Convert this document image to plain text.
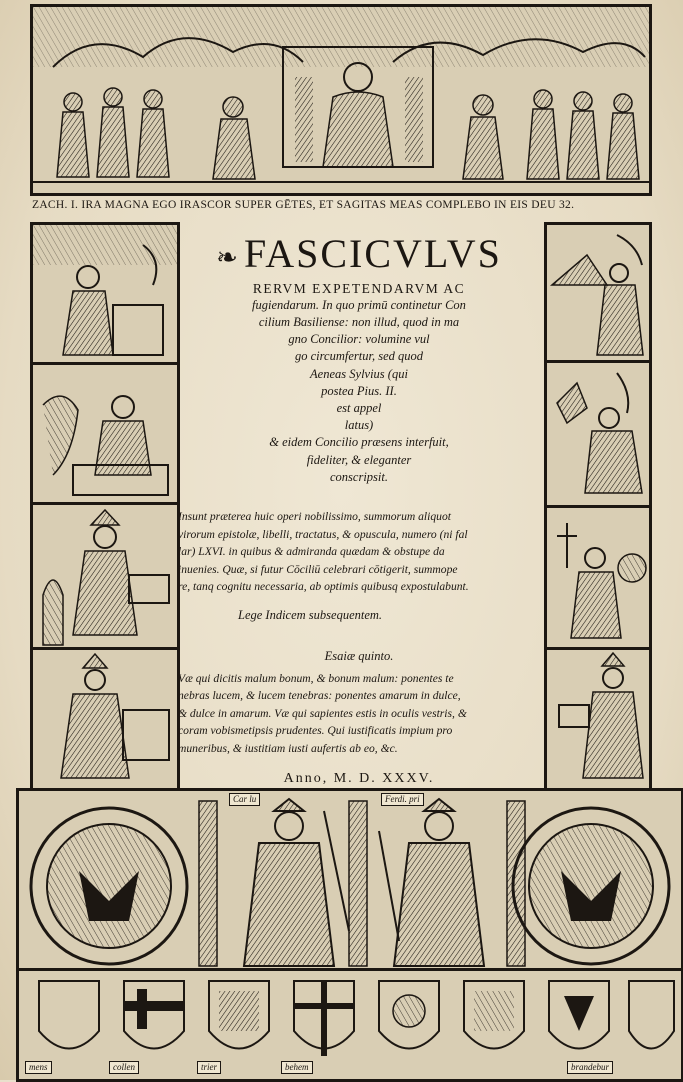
ZACH. I. IRA MAGNA EGO IRASCOR SUPER GĒTES, ET SAGITAS MEAS COMPLEBO IN EIS DEU 32.
❧ FASCICVLVS
RERVM EXPETENDARVM AC
fugiendarum. In quo primū continetur Con
cilium Basiliense: non illud, quod in ma
gno Concilior: volumine vul
go circumfertur, sed quod
Aeneas Sylvius (qui
postea Pius. II.
est appel
latus)
& eidem Concilio præsens interfuit,
fideliter, & eleganter
conscripsit.
Insunt præterea huic operi nobilissimo, summorum aliquot
virorum epistolæ, libelli, tractatus, & opuscula, numero (ni fal
lar) LXVI. in quibus & admiranda quædam & obstupe da
inuenies. Quæ, si futur Cōciliū celebrari cōtigerit, summope
re, tanq cognitu necessaria, ab optimis quibusq expostulabunt.
Lege Indicem subsequentem.
Esaiæ quinto.
Væ qui dicitis malum bonum, & bonum malum: ponentes te
nebras lucem, & lucem tenebras: ponentes amarum in dulce,
& dulce in amarum. Væ qui sapientes estis in oculis vestris, &
coram vobismetipsis prudentes. Qui iustificatis impium pro
muneribus, & iustitiam iusti aufertis ab eo, &c.
Anno, M. D. XXXV.
Car lu	Ferdi. pri
mens	collen	trier	behem	brandebur
